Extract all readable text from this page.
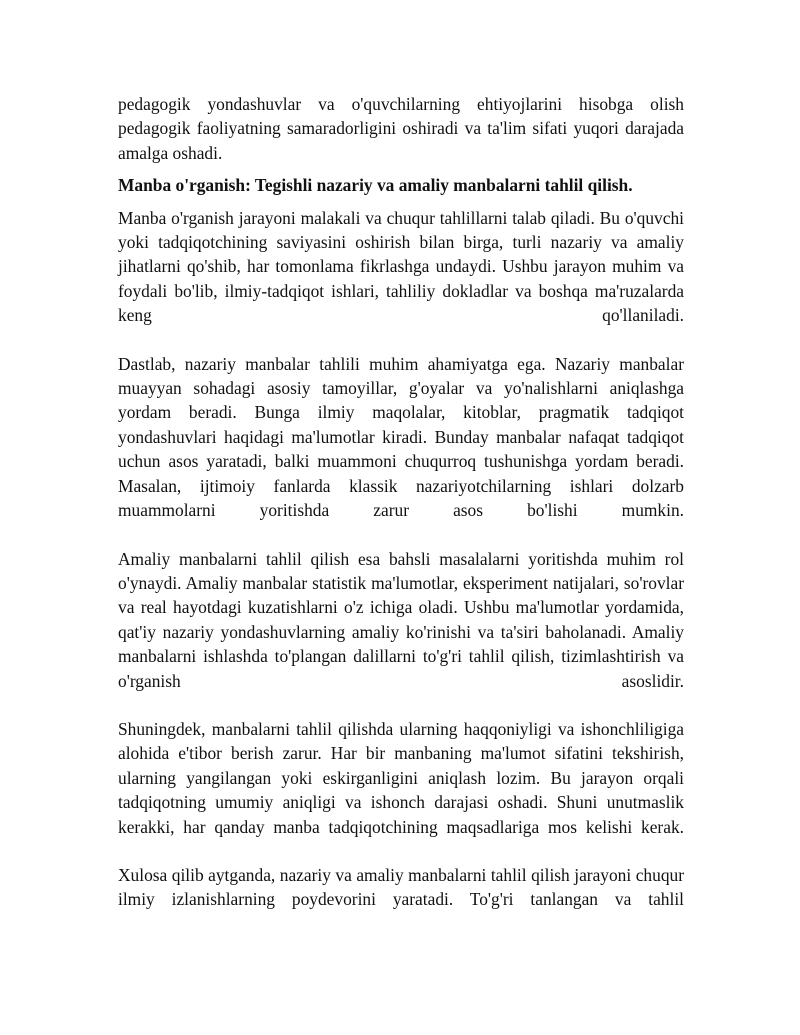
pedagogik yondashuvlar va o'quvchilarning ehtiyojlarini hisobga olish pedagogik faoliyatning samaradorligini oshiradi va ta'lim sifati yuqori darajada amalga oshadi.

Manba o'rganish: Tegishli nazariy va amaliy manbalarni tahlil qilish.

Manba o'rganish jarayoni malakali va chuqur tahlillarni talab qiladi. Bu o'quvchi yoki tadqiqotchining saviyasini oshirish bilan birga, turli nazariy va amaliy jihatlarni qo'shib, har tomonlama fikrlashga undaydi. Ushbu jarayon muhim va foydali bo'lib, ilmiy-tadqiqot ishlari, tahliliy dokladlar va boshqa ma'ruzalarda keng qo'llaniladi.

Dastlab, nazariy manbalar tahlili muhim ahamiyatga ega. Nazariy manbalar muayyan sohadagi asosiy tamoyillar, g'oyalar va yo'nalishlarni aniqlashga yordam beradi. Bunga ilmiy maqolalar, kitoblar, pragmatik tadqiqot yondashuvlari haqidagi ma'lumotlar kiradi. Bunday manbalar nafaqat tadqiqot uchun asos yaratadi, balki muammoni chuqurroq tushunishga yordam beradi. Masalan, ijtimoiy fanlarda klassik nazariyotchilarning ishlari dolzarb muammolarni yoritishda zarur asos bo'lishi mumkin.

Amaliy manbalarni tahlil qilish esa bahsli masalalarni yoritishda muhim rol o'ynaydi. Amaliy manbalar statistik ma'lumotlar, eksperiment natijalari, so'rovlar va real hayotdagi kuzatishlarni o'z ichiga oladi. Ushbu ma'lumotlar yordamida, qat'iy nazariy yondashuvlarning amaliy ko'rinishi va ta'siri baholanadi. Amaliy manbalarni ishlashda to'plangan dalillarni to'g'ri tahlil qilish, tizimlashtirish va o'rganish asoslidir.

Shuningdek, manbalarni tahlil qilishda ularning haqqoniyligi va ishonchliligiga alohida e'tibor berish zarur. Har bir manbaning ma'lumot sifatini tekshirish, ularning yangilangan yoki eskirganligini aniqlash lozim. Bu jarayon orqali tadqiqotning umumiy aniqligi va ishonch darajasi oshadi. Shuni unutmaslik kerakki, har qanday manba tadqiqotchining maqsadlariga mos kelishi kerak.

Xulosa qilib aytganda, nazariy va amaliy manbalarni tahlil qilish jarayoni chuqur ilmiy izlanishlarning poydevorini yaratadi. To'g'ri tanlangan va tahlil
